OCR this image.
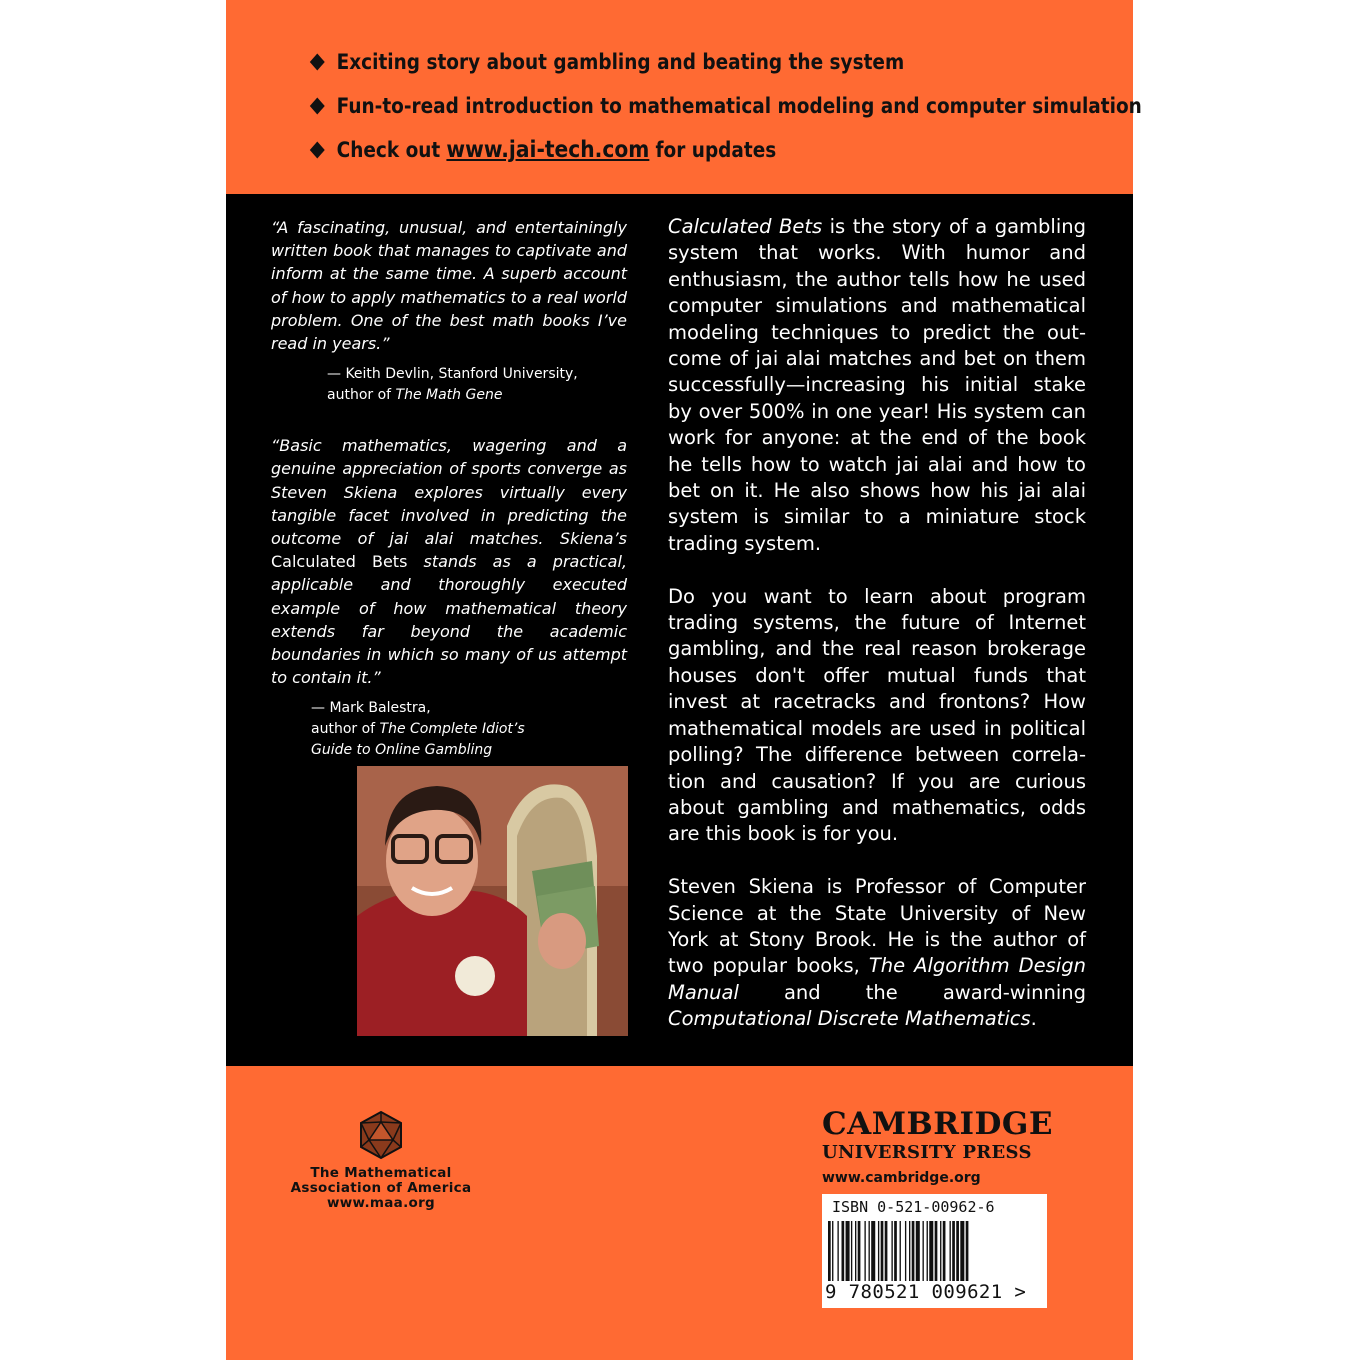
Exciting story about gambling and beating the system
Fun-to-read introduction to mathematical modeling and computer simulation
Check out www.jai-tech.com for updates

“A fascinating, unusual, and entertainingly written book that manages to captivate and inform at the same time. A superb account of how to apply mathematics to a real world problem. One of the best math books I’ve read in years.”

— Keith Devlin, Stanford University,
author of The Math Gene

“Basic mathematics, wagering and a genuine appreciation of sports converge as Steven Skiena explores virtually every tangible facet involved in predicting the outcome of jai alai matches. Skiena’s Calculated Bets stands as a practical, applicable and thoroughly executed example of how mathematical theory extends far beyond the academic boundaries in which so many of us attempt to contain it.”

— Mark Balestra,
author of The Complete Idiot’s
Guide to Online Gambling

Calculated Bets is the story of a gambling system that works. With humor and enthusiasm, the author tells how he used computer simulations and mathematical modeling techniques to predict the outcome of jai alai matches and bet on them successfully—increasing his initial stake by over 500% in one year! His system can work for anyone: at the end of the book he tells how to watch jai alai and how to bet on it. He also shows how his jai alai system is similar to a miniature stock trading system.

Do you want to learn about program trading systems, the future of Internet gambling, and the real reason brokerage houses don't offer mutual funds that invest at racetracks and frontons? How mathematical models are used in political polling? The difference between correlation and causation? If you are curious about gambling and mathematics, odds are this book is for you.

Steven Skiena is Professor of Computer Science at the State University of New York at Stony Brook. He is the author of two popular books, The Algorithm Design Manual and the award-winning Computational Discrete Mathematics.

The Mathematical
Association of America
www.maa.org
CAMBRIDGE
UNIVERSITY PRESS
www.cambridge.org
ISBN 0-521-00962-6
9 780521 009621 >
